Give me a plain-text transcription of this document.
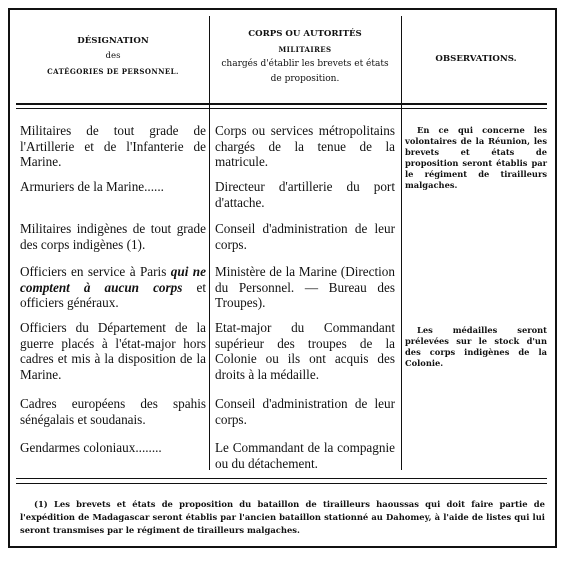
DÉSIGNATION
des
CATÉGORIES DE PERSONNEL.
CORPS OU AUTORITÉS
MILITAIRES
chargés d'établir les brevets et états
de proposition.
OBSERVATIONS.
Militaires de tout grade de l'Artillerie et de l'Infanterie de Marine.
Armuriers de la Marine......
Militaires indigènes de tout grade des corps indigènes (1).
Officiers en service à Paris qui ne comptent à aucun corps et officiers généraux.
Officiers du Département de la guerre placés à l'état-major hors cadres et mis à la disposition de la Marine.
Cadres européens des spahis sénégalais et soudanais.
Gendarmes coloniaux........
Corps ou services métropolitains chargés de la tenue de la matricule.
Directeur d'artillerie du port d'attache.
Conseil d'administration de leur corps.
Ministère de la Marine (Direction du Personnel. — Bureau des Troupes).
Etat-major du Commandant supérieur des troupes de la Colonie ou ils ont acquis des droits à la médaille.
Conseil d'administration de leur corps.
Le Commandant de la compagnie ou du détachement.
En ce qui concerne les volontaires de la Réunion, les brevets et états de proposition seront établis par le régiment de tirailleurs malgaches.
Les médailles seront prélevées sur le stock d'un des corps indigènes de la Colonie.
(1) Les brevets et états de proposition du bataillon de tirailleurs haoussas qui doit faire partie de l'expédition de Madagascar seront établis par l'ancien bataillon stationné au Dahomey, à l'aide de listes qui lui seront transmises par le régiment de tirailleurs malgaches.
